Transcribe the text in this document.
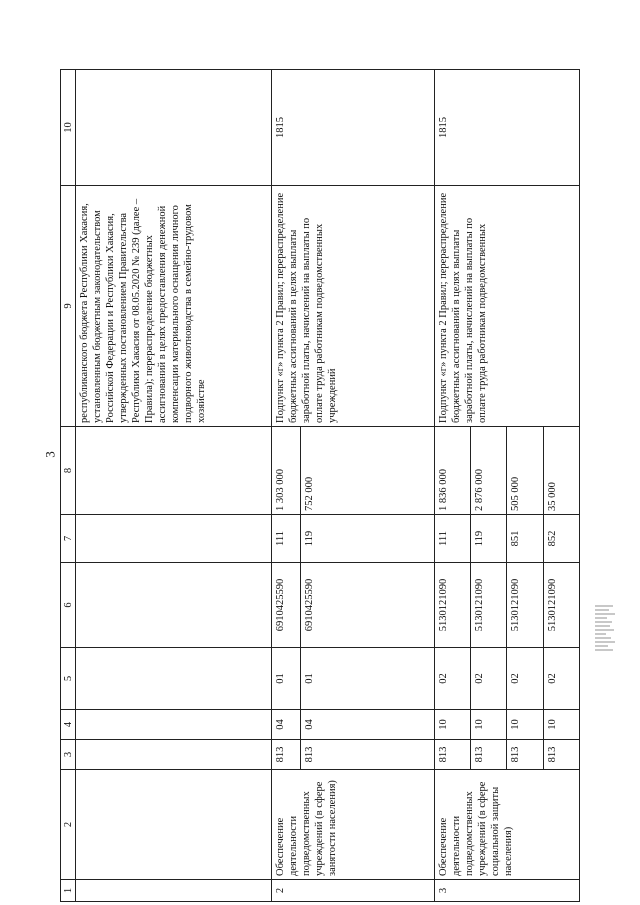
3
1	2	3	4	5	6	7	8	9	10
								республиканского бюджета Республики Хакасия, установленным бюджетным законодательством Российской Федерации и Республики Хакасия, утвержденных постановлением Правительства Республики Хакасия от 08.05.2020 № 239 (далее – Правила); перераспределение бюджетных ассигнований в целях предоставления денежной компенсации материального оснащения личного подворного животноводства в семейно-трудовом хозяйстве	
2	Обеспечение деятельности подведомственных учреждений (в сфере занятости населения)	813	04	01	6910425590	111	1 303 000	Подпункт «г» пункта 2 Правил; перераспределение бюджетных ассигнований в целях выплаты заработной платы, начислений на выплаты по оплате труда работникам подведомственных учреждений	1815
		813	04	01	6910425590	119	752 000		
3	Обеспечение деятельности подведомственных учреждений (в сфере социальной защиты населения)	813	10	02	5130121090	111	1 836 000	Подпункт «г» пункта 2 Правил; перераспределение бюджетных ассигнований в целях выплаты заработной платы, начислений на выплаты по оплате труда работникам подведомственных	1815
		813	10	02	5130121090	119	2 876 000		
		813	10	02	5130121090	851	505 000		
		813	10	02	5130121090	852	35 000		
